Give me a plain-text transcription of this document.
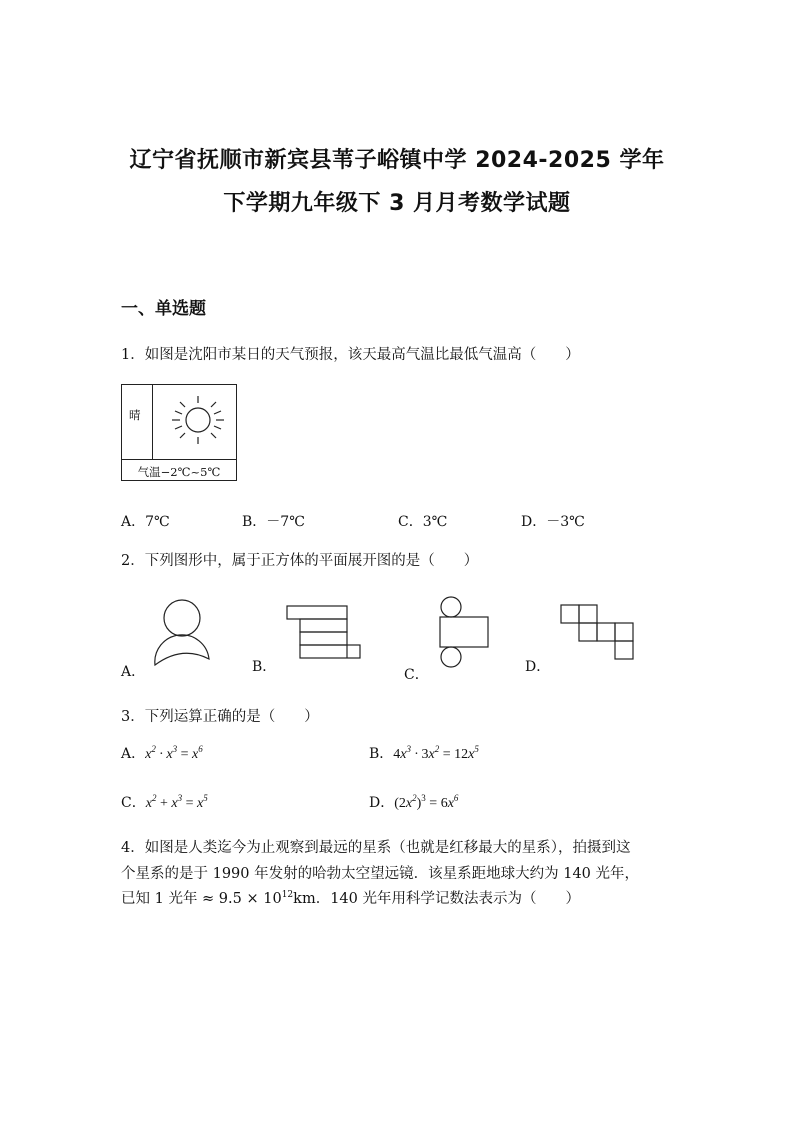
辽宁省抚顺市新宾县苇子峪镇中学 2024-2025 学年
下学期九年级下 3 月月考数学试题
一、单选题
1．如图是沈阳市某日的天气预报，该天最高气温比最低气温高（　　）
晴
气温−2℃~5℃
A．7℃	B．－7℃	C．3℃	D．－3℃
2．下列图形中，属于正方体的平面展开图的是（　　）
A．	B．	C．	D．
3．下列运算正确的是（　　）
A．$x^2 \cdot x^3 = x^6$	B．$4x^3 \cdot 3x^2 = 12x^5$
C．$x^2 + x^3 = x^5$	D．$(2x^2)^3 = 6x^6$
4．如图是人类迄今为止观察到最远的星系（也就是红移最大的星系），拍摄到这
个星系的是于 1990 年发射的哈勃太空望远镜．该星系距地球大约为 140 光年，
已知 1 光年 ≈ $9.5 \times 10^{12}km$．140 光年用科学记数法表示为（　　）
